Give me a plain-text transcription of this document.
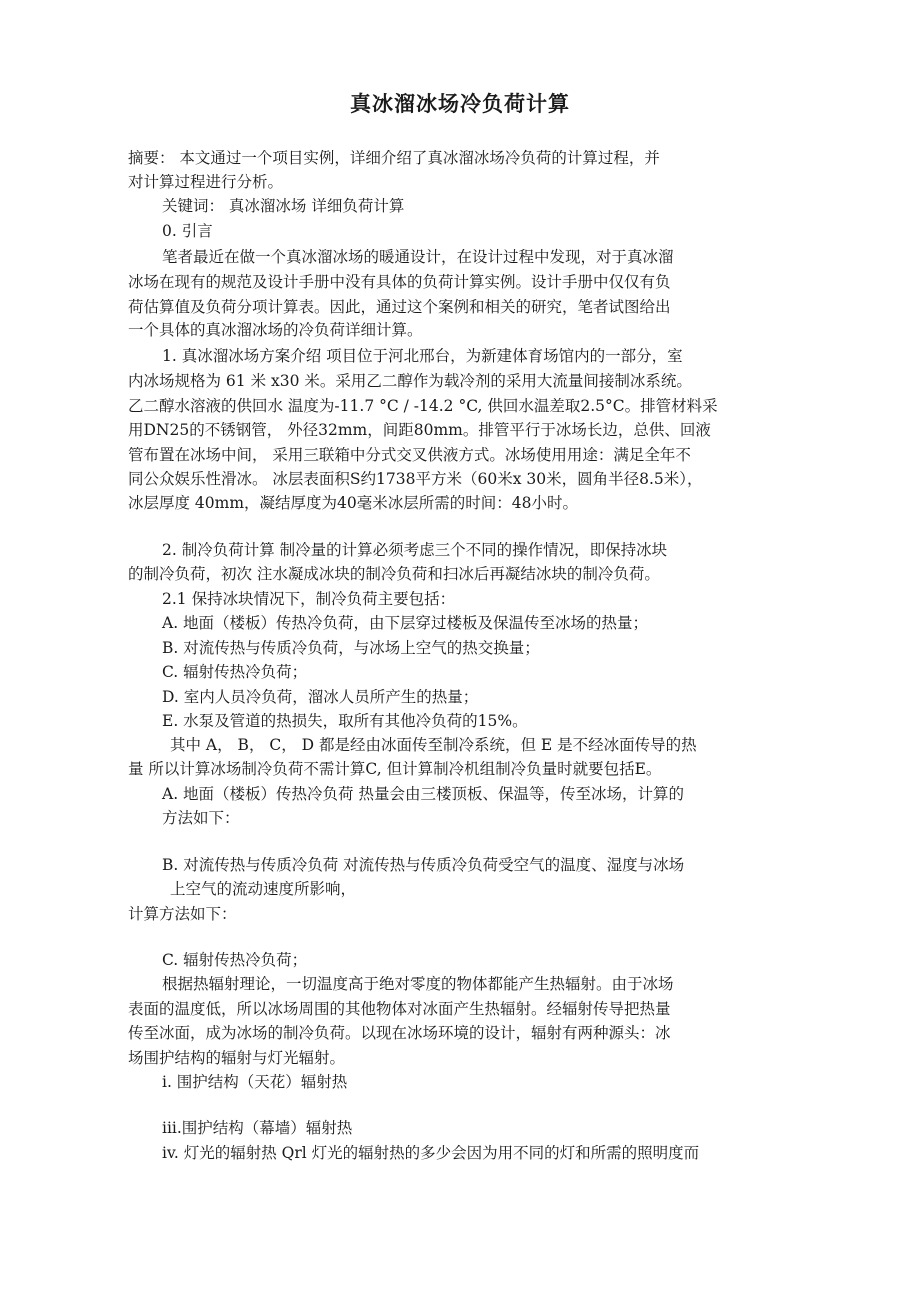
真冰溜冰场冷负荷计算
摘要： 本文通过一个项目实例，详细介绍了真冰溜冰场冷负荷的计算过程，并
对计算过程进行分析。
关键词： 真冰溜冰场 详细负荷计算
0. 引言
笔者最近在做一个真冰溜冰场的暖通设计，在设计过程中发现，对于真冰溜
冰场在现有的规范及设计手册中没有具体的负荷计算实例。设计手册中仅仅有负
荷估算值及负荷分项计算表。因此，通过这个案例和相关的研究，笔者试图给出
一个具体的真冰溜冰场的冷负荷详细计算。
1. 真冰溜冰场方案介绍 项目位于河北邢台，为新建体育场馆内的一部分，室
内冰场规格为 61 米 x30 米。采用乙二醇作为载冷剂的采用大流量间接制冰系统。
乙二醇水溶液的供回水 温度为-11.7 °C / -14.2 °C, 供回水温差取2.5°C。排管材料采
用DN25的不锈钢管， 外径32mm，间距80mm。排管平行于冰场长边，总供、回液
管布置在冰场中间， 采用三联箱中分式交叉供液方式。冰场使用用途：满足全年不
同公众娱乐性滑冰。 冰层表面积S约1738平方米（60米x 30米，圆角半径8.5米），
冰层厚度 40mm，凝结厚度为40毫米冰层所需的时间：48小时。
2. 制冷负荷计算 制冷量的计算必须考虑三个不同的操作情况，即保持冰块
的制冷负荷，初次 注水凝成冰块的制冷负荷和扫冰后再凝结冰块的制冷负荷。
2.1 保持冰块情况下，制冷负荷主要包括：
A. 地面（楼板）传热冷负荷，由下层穿过楼板及保温传至冰场的热量；
B. 对流传热与传质冷负荷，与冰场上空气的热交换量；
C. 辐射传热冷负荷；
D. 室内人员冷负荷，溜冰人员所产生的热量；
E. 水泵及管道的热损失，取所有其他冷负荷的15%。
其中 A， B， C， D 都是经由冰面传至制冷系统，但 E 是不经冰面传导的热
量 所以计算冰场制冷负荷不需计算C, 但计算制冷机组制冷负量时就要包括E。
A. 地面（楼板）传热冷负荷 热量会由三楼顶板、保温等，传至冰场，计算的
方法如下：
B. 对流传热与传质冷负荷 对流传热与传质冷负荷受空气的温度、湿度与冰场
上空气的流动速度所影响，
计算方法如下：
C. 辐射传热冷负荷；
根据热辐射理论，一切温度高于绝对零度的物体都能产生热辐射。由于冰场
表面的温度低，所以冰场周围的其他物体对冰面产生热辐射。经辐射传导把热量
传至冰面，成为冰场的制冷负荷。以现在冰场环境的设计，辐射有两种源头：冰
场围护结构的辐射与灯光辐射。
i. 围护结构（天花）辐射热
iii.围护结构（幕墙）辐射热
iv. 灯光的辐射热 Qrl 灯光的辐射热的多少会因为用不同的灯和所需的照明度而
